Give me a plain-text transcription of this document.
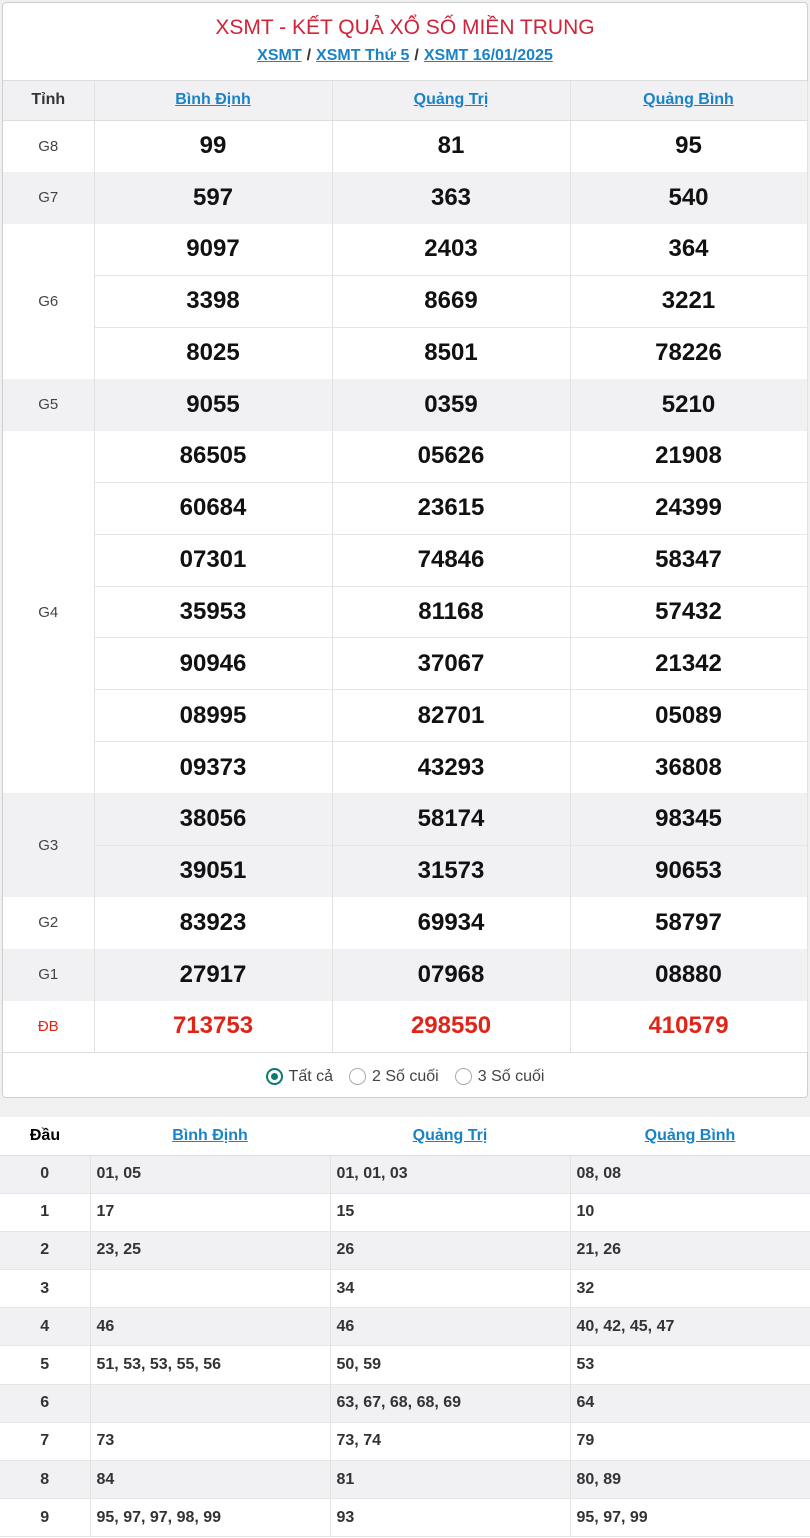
XSMT - KẾT QUẢ XỔ SỐ MIỀN TRUNG
XSMT / XSMT Thứ 5 / XSMT 16/01/2025
Tỉnh	Bình Định	Quảng Trị	Quảng Bình
G8	99	81	95
G7	597	363	540
G6	9097	2403	364
	3398	8669	3221
	8025	8501	78226
G5	9055	0359	5210
G4	86505	05626	21908
	60684	23615	24399
	07301	74846	58347
	35953	81168	57432
	90946	37067	21342
	08995	82701	05089
	09373	43293	36808
G3	38056	58174	98345
	39051	31573	90653
G2	83923	69934	58797
G1	27917	07968	08880
ĐB	713753	298550	410579
Tất cả 2 Số cuối 3 Số cuối
Đầu	Bình Định	Quảng Trị	Quảng Bình
0	01, 05	01, 01, 03	08, 08
1	17	15	10
2	23, 25	26	21, 26
3		34	32
4	46	46	40, 42, 45, 47
5	51, 53, 53, 55, 56	50, 59	53
6		63, 67, 68, 68, 69	64
7	73	73, 74	79
8	84	81	80, 89
9	95, 97, 97, 98, 99	93	95, 97, 99
